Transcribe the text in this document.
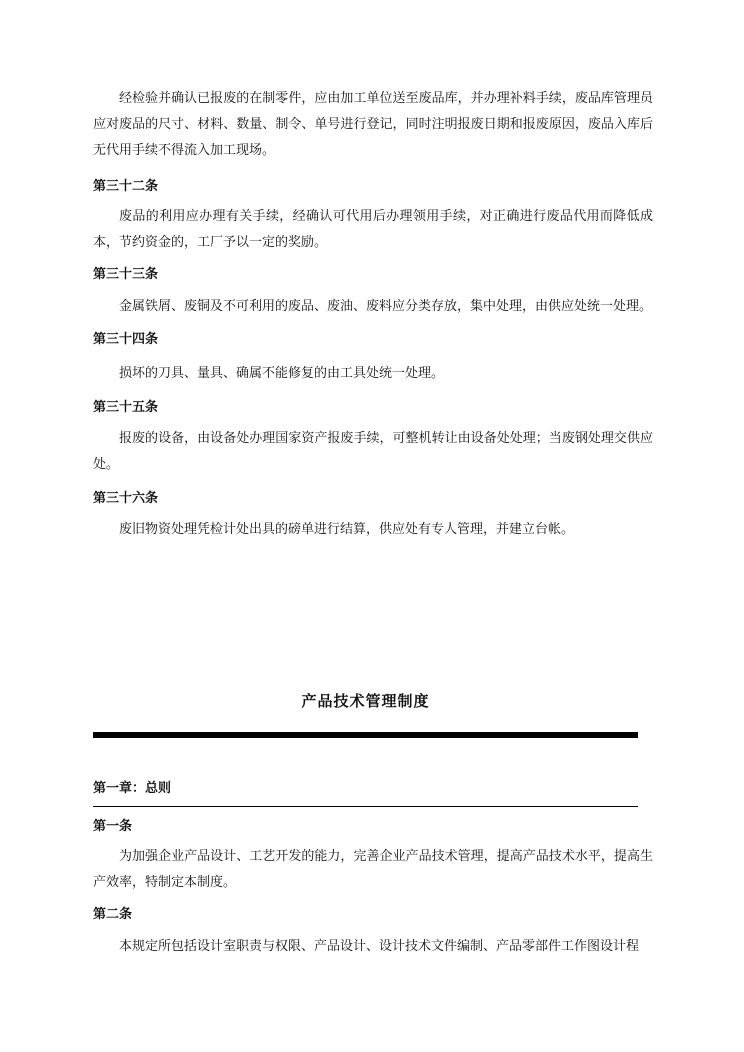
经检验并确认已报废的在制零件，应由加工单位送至废品库，并办理补料手续，废品库管理员应对废品的尺寸、材料、数量、制令、单号进行登记，同时注明报废日期和报废原因，废品入库后无代用手续不得流入加工现场。

第三十二条

废品的利用应办理有关手续，经确认可代用后办理领用手续，对正确进行废品代用而降低成本，节约资金的，工厂予以一定的奖励。

第三十三条

金属铁屑、废铜及不可利用的废品、废油、废料应分类存放，集中处理，由供应处统一处理。

第三十四条

损坏的刀具、量具、确属不能修复的由工具处统一处理。

第三十五条

报废的设备，由设备处办理国家资产报废手续，可整机转让由设备处处理；当废钢处理交供应处。

第三十六条

废旧物资处理凭检计处出具的磅单进行结算，供应处有专人管理，并建立台帐。

产品技术管理制度

第一章：总则

第一条

为加强企业产品设计、工艺开发的能力，完善企业产品技术管理，提高产品技术水平，提高生产效率，特制定本制度。

第二条

本规定所包括设计室职责与权限、产品设计、设计技术文件编制、产品零部件工作图设计程
